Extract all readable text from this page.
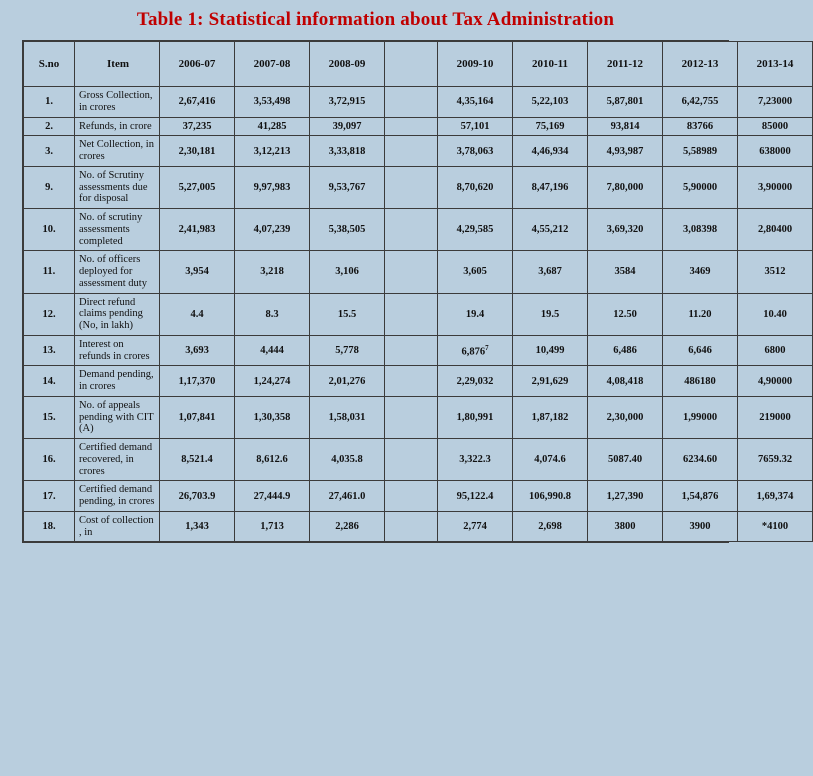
Table 1: Statistical information about Tax Administration
S.no	Item	2006-07	2007-08	2008-09		2009-10	2010-11	2011-12	2012-13	2013-14
1.	Gross Collection, in crores	2,67,416	3,53,498	3,72,915		4,35,164	5,22,103	5,87,801	6,42,755	7,23000
2.	Refunds, in crore	37,235	41,285	39,097		57,101	75,169	93,814	83766	85000
3.	Net Collection, in crores	2,30,181	3,12,213	3,33,818		3,78,063	4,46,934	4,93,987	5,58989	638000
9.	No. of Scrutiny assessments due for disposal	5,27,005	9,97,983	9,53,767		8,70,620	8,47,196	7,80,000	5,90000	3,90000
10.	No. of scrutiny assessments completed	2,41,983	4,07,239	5,38,505		4,29,585	4,55,212	3,69,320	3,08398	2,80400
11.	No. of officers deployed for assessment duty	3,954	3,218	3,106		3,605	3,687	3584	3469	3512
12.	Direct refund claims pending (No, in lakh)	4.4	8.3	15.5		19.4	19.5	12.50	11.20	10.40
13.	Interest on refunds in crores	3,693	4,444	5,778		6,876$^7$	10,499	6,486	6,646	6800
14.	Demand pending, in crores	1,17,370	1,24,274	2,01,276		2,29,032	2,91,629	4,08,418	486180	4,90000
15.	No. of appeals pending with CIT (A)	1,07,841	1,30,358	1,58,031		1,80,991	1,87,182	2,30,000	1,99000	219000
16.	Certified demand recovered, in crores	8,521.4	8,612.6	4,035.8		3,322.3	4,074.6	5087.40	6234.60	7659.32
17.	Certified demand pending, in crores	26,703.9	27,444.9	27,461.0		95,122.4	106,990.8	1,27,390	1,54,876	1,69,374
18.	Cost of collection , in	1,343	1,713	2,286		2,774	2,698	3800	3900	*4100
